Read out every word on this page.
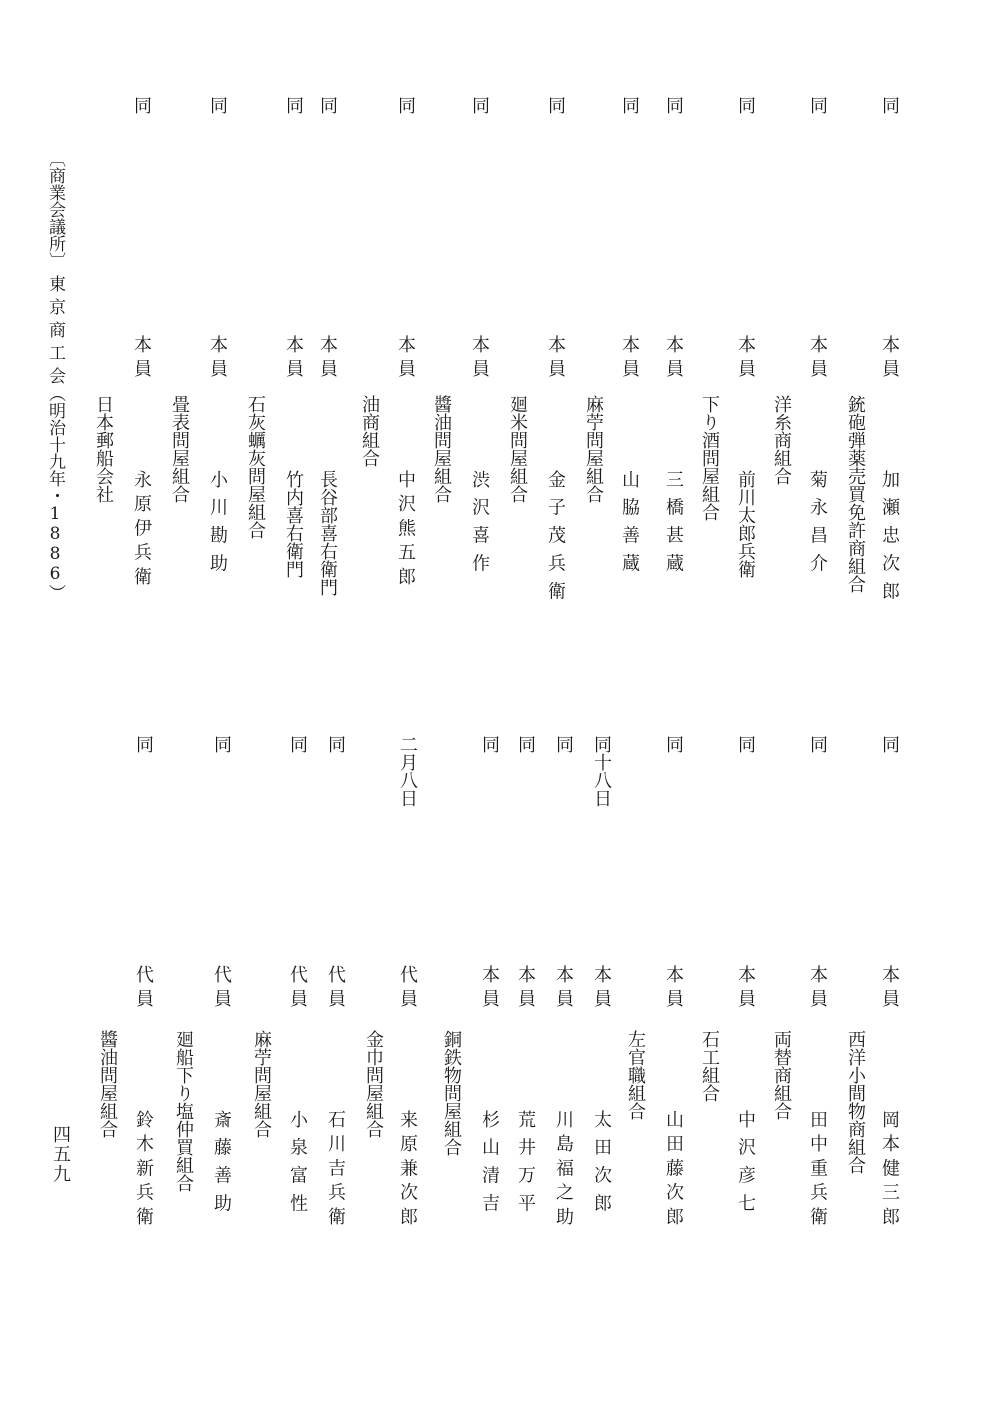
〔商業会議所〕
東京商工会
（明治十九年・1886）
四五九
同
本員
加瀬忠次郎
銃砲弾薬売買免許商組合
同
本員
菊永昌介
洋糸商組合
同
本員
前川太郎兵衛
下り酒問屋組合
同
本員
三橋甚蔵
同
本員
山脇善蔵
麻苧問屋組合
同
本員
金子茂兵衛
廻米問屋組合
同
本員
渋沢喜作
醬油問屋組合
同
本員
中沢熊五郎
油商組合
同
本員
長谷部喜右衛門
同
本員
竹内喜右衛門
石灰蠣灰問屋組合
同
本員
小川勘助
畳表問屋組合
同
本員
永原伊兵衛
日本郵船会社
同
本員
岡本健三郎
西洋小間物商組合
同
本員
田中重兵衛
両替商組合
同
本員
中沢彦七
石工組合
同
本員
山田藤次郎
左官職組合
同十八日
本員
太田次郎
同
本員
川島福之助
同
本員
荒井万平
同
本員
杉山清吉
銅鉄物問屋組合
二月八日
代員
来原兼次郎
金巾問屋組合
同
代員
石川吉兵衛
同
代員
小泉富性
麻苧問屋組合
同
代員
斎藤善助
廻船下り塩仲買組合
同
代員
鈴木新兵衛
醬油問屋組合
